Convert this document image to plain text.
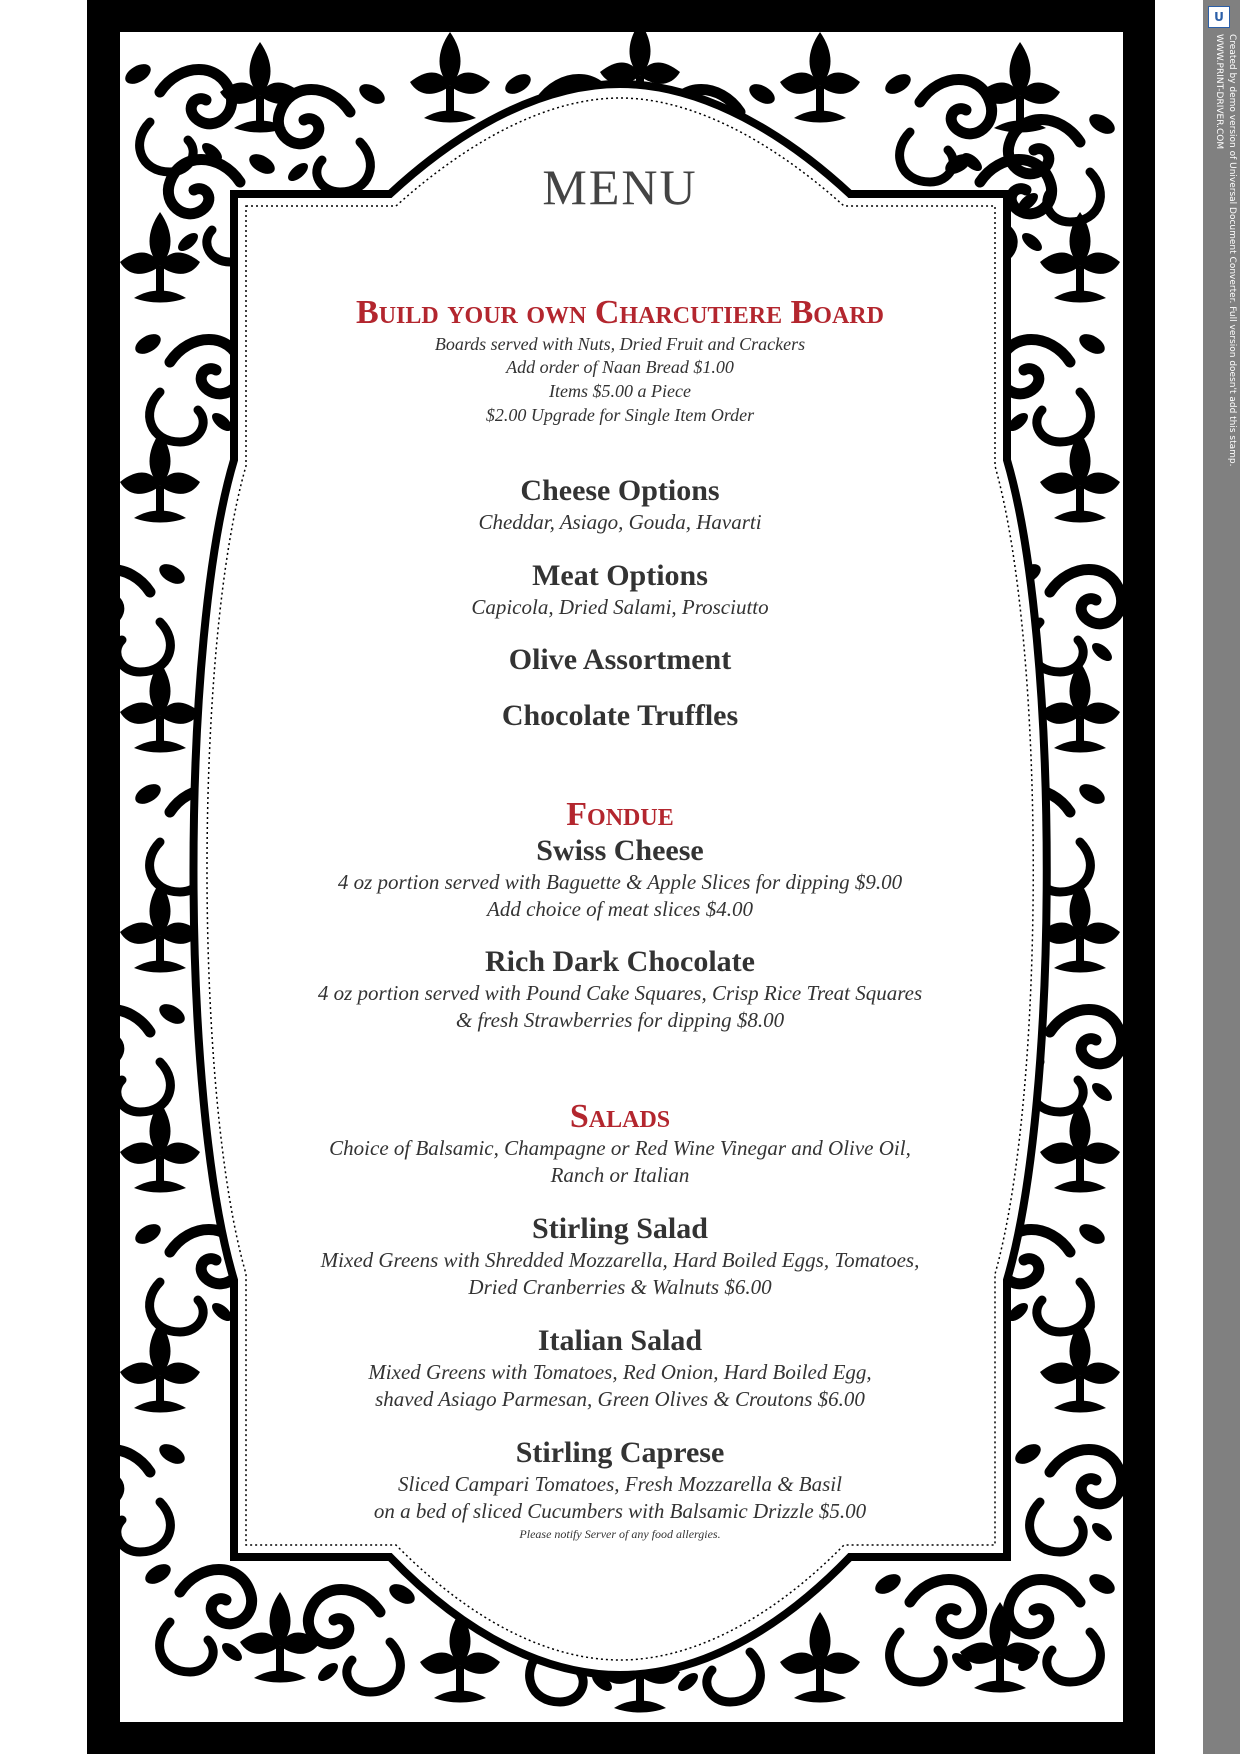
U
Created by demo version of Universal Document Converter. Full version doesn't add this stamp.
WWW.PRINT-DRIVER.COM
MENU
Build your own Charcutiere Board
Boards served with Nuts, Dried Fruit and Crackers
Add order of Naan Bread $1.00
Items $5.00 a Piece
$2.00 Upgrade for Single Item Order
Cheese Options
Cheddar, Asiago, Gouda, Havarti
Meat Options
Capicola, Dried Salami, Prosciutto
Olive Assortment
Chocolate Truffles
Fondue
Swiss Cheese
4 oz portion served with Baguette & Apple Slices for dipping $9.00
Add choice of meat slices $4.00
Rich Dark Chocolate
4 oz portion served with Pound Cake Squares, Crisp Rice Treat Squares
& fresh Strawberries for dipping $8.00
Salads
Choice of Balsamic, Champagne or Red Wine Vinegar and Olive Oil,
Ranch or Italian
Stirling Salad
Mixed Greens with Shredded Mozzarella, Hard Boiled Eggs, Tomatoes,
Dried Cranberries & Walnuts $6.00
Italian Salad
Mixed Greens with Tomatoes, Red Onion, Hard Boiled Egg,
shaved Asiago Parmesan, Green Olives & Croutons $6.00
Stirling Caprese
Sliced Campari Tomatoes, Fresh Mozzarella & Basil
on a bed of sliced Cucumbers with Balsamic Drizzle $5.00
Please notify Server of any food allergies.
